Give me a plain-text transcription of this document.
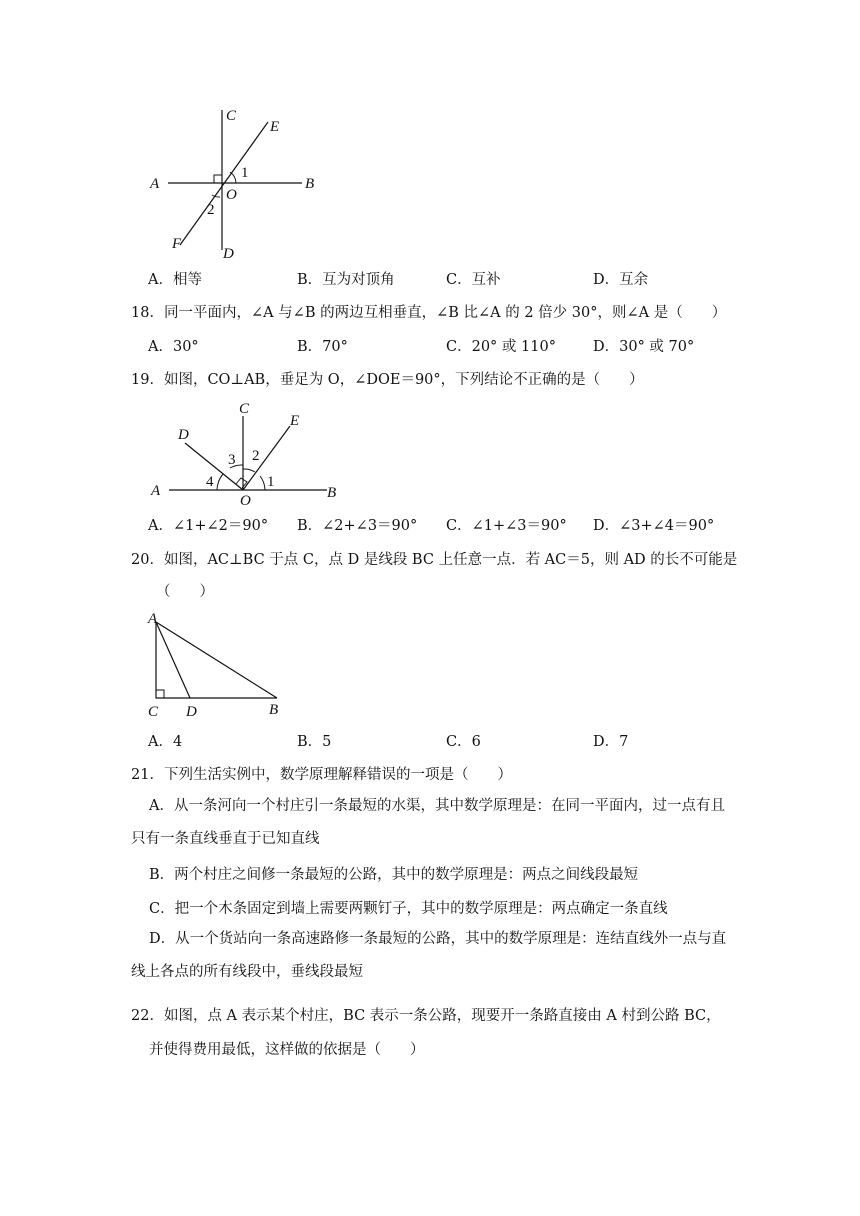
C
E
A	B
O
1
2
F
D
A．相等	B．互为对顶角	C．互补	D．互余
18．同一平面内，∠A 与∠B 的两边互相垂直，∠B 比∠A 的 2 倍少 30°，则∠A 是（　　）
A．30°	B．70°	C．20° 或 110°	D．30° 或 70°
19．如图，CO⊥AB，垂足为 O，∠DOE＝90°，下列结论不正确的是（　　）
C
D
E
3 2
4	1
A
O	B
A．∠1+∠2＝90° B．∠2+∠3＝90° C．∠1+∠3＝90° D．∠3+∠4＝90°
20．如图，AC⊥BC 于点 C，点 D 是线段 BC 上任意一点．若 AC＝5，则 AD 的长不可能是
（　　）
A
C D	B
A．4	B．5	C．6	D．7
21．下列生活实例中，数学原理解释错误的一项是（　　）
A．从一条河向一个村庄引一条最短的水渠，其中数学原理是：在同一平面内，过一点有且只有一条直线垂直于已知直线
B．两个村庄之间修一条最短的公路，其中的数学原理是：两点之间线段最短
C．把一个木条固定到墙上需要两颗钉子，其中的数学原理是：两点确定一条直线
D．从一个货站向一条高速路修一条最短的公路，其中的数学原理是：连结直线外一点与直线上各点的所有线段中，垂线段最短
22．如图，点 A 表示某个村庄，BC 表示一条公路，现要开一条路直接由 A 村到公路 BC，
并使得费用最低，这样做的依据是（　　）
